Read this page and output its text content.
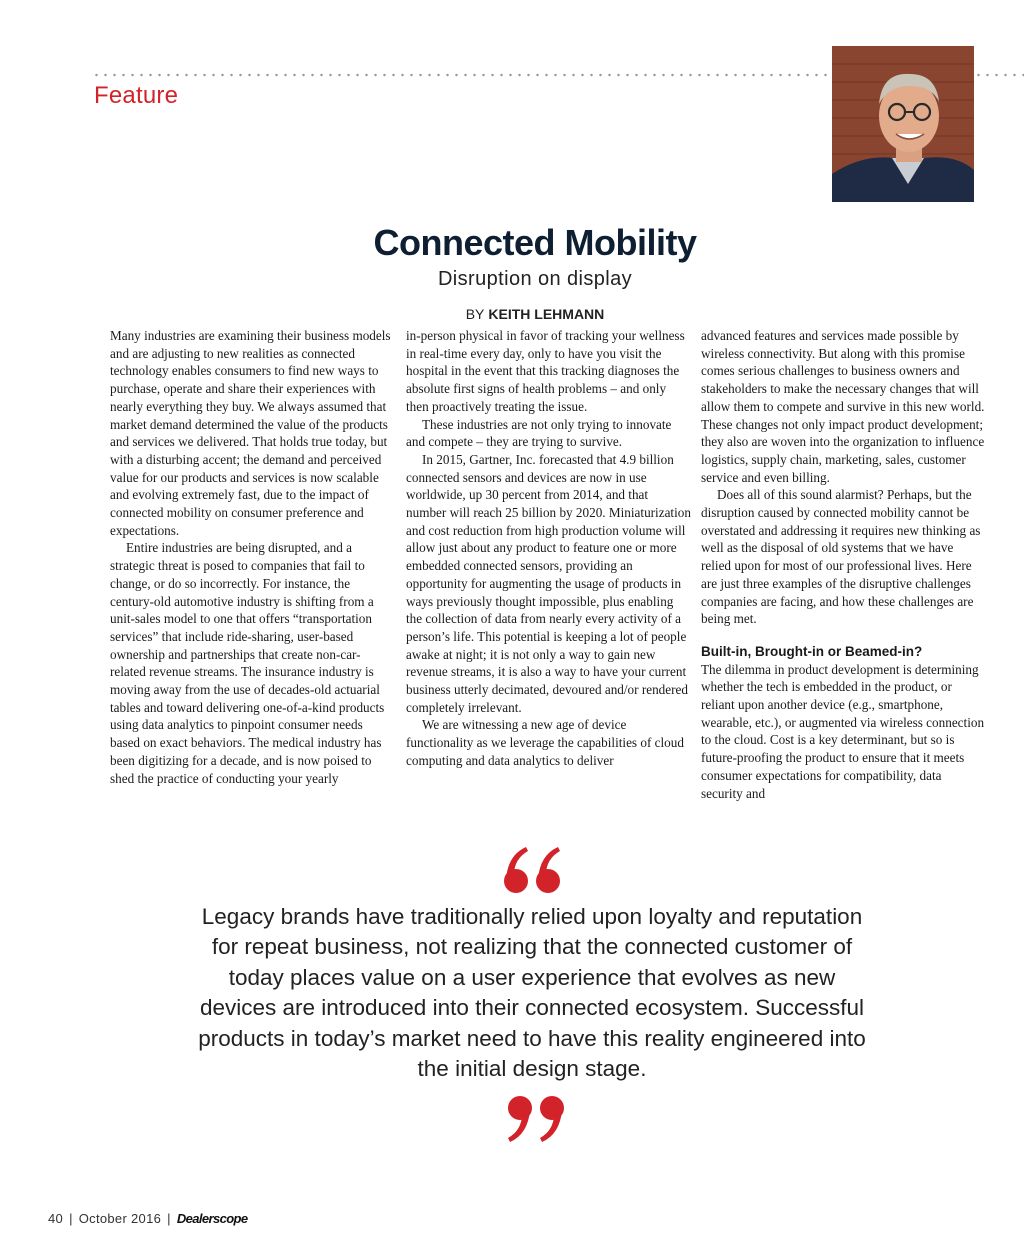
Feature
Connected Mobility
Disruption on display
BY KEITH LEHMANN

Many industries are examining their business models and are adjusting to new realities as connected technology enables consumers to find new ways to purchase, operate and share their experiences with nearly everything they buy. We always assumed that market demand determined the value of the products and services we delivered. That holds true today, but with a disturbing accent; the demand and perceived value for our products and services is now scalable and evolving extremely fast, due to the impact of connected mobility on consumer preference and expectations.

Entire industries are being disrupted, and a strategic threat is posed to companies that fail to change, or do so incorrectly. For instance, the century-old automotive industry is shifting from a unit-sales model to one that offers “transportation services” that include ride-sharing, user-based ownership and partnerships that create non-car-related revenue streams. The insurance industry is moving away from the use of decades-old actuarial tables and toward delivering one-of-a-kind products using data analytics to pinpoint consumer needs based on exact behaviors. The medical industry has been digitizing for a decade, and is now poised to shed the practice of conducting your yearly

in-person physical in favor of tracking your wellness in real-time every day, only to have you visit the hospital in the event that this tracking diagnoses the absolute first signs of health problems – and only then proactively treating the issue.

These industries are not only trying to innovate and compete – they are trying to survive.

In 2015, Gartner, Inc. forecasted that 4.9 billion connected sensors and devices are now in use worldwide, up 30 percent from 2014, and that number will reach 25 billion by 2020. Miniaturization and cost reduction from high production volume will allow just about any product to feature one or more embedded connected sensors, providing an opportunity for augmenting the usage of products in ways previously thought impossible, plus enabling the collection of data from nearly every activity of a person’s life. This potential is keeping a lot of people awake at night; it is not only a way to gain new revenue streams, it is also a way to have your current business utterly decimated, devoured and/or rendered completely irrelevant.

We are witnessing a new age of device functionality as we leverage the capabilities of cloud computing and data analytics to deliver

advanced features and services made possible by wireless connectivity. But along with this promise comes serious challenges to business owners and stakeholders to make the necessary changes that will allow them to compete and survive in this new world. These changes not only impact product development; they also are woven into the organization to influence logistics, supply chain, marketing, sales, customer service and even billing.

Does all of this sound alarmist? Perhaps, but the disruption caused by connected mobility cannot be overstated and addressing it requires new thinking as well as the disposal of old systems that we have relied upon for most of our professional lives. Here are just three examples of the disruptive challenges companies are facing, and how these challenges are being met.

Built-in, Brought-in or Beamed-in?

The dilemma in product development is determining whether the tech is embedded in the product, or reliant upon another device (e.g., smartphone, wearable, etc.), or augmented via wireless connection to the cloud. Cost is a key determinant, but so is future-proofing the product to ensure that it meets consumer expectations for compatibility, data security and

Legacy brands have traditionally relied upon loyalty and reputation for repeat business, not realizing that the connected customer of today places value on a user experience that evolves as new devices are introduced into their connected ecosystem. Successful products in today’s market need to have this reality engineered into the initial design stage.

40 | October 2016 | Dealerscope
